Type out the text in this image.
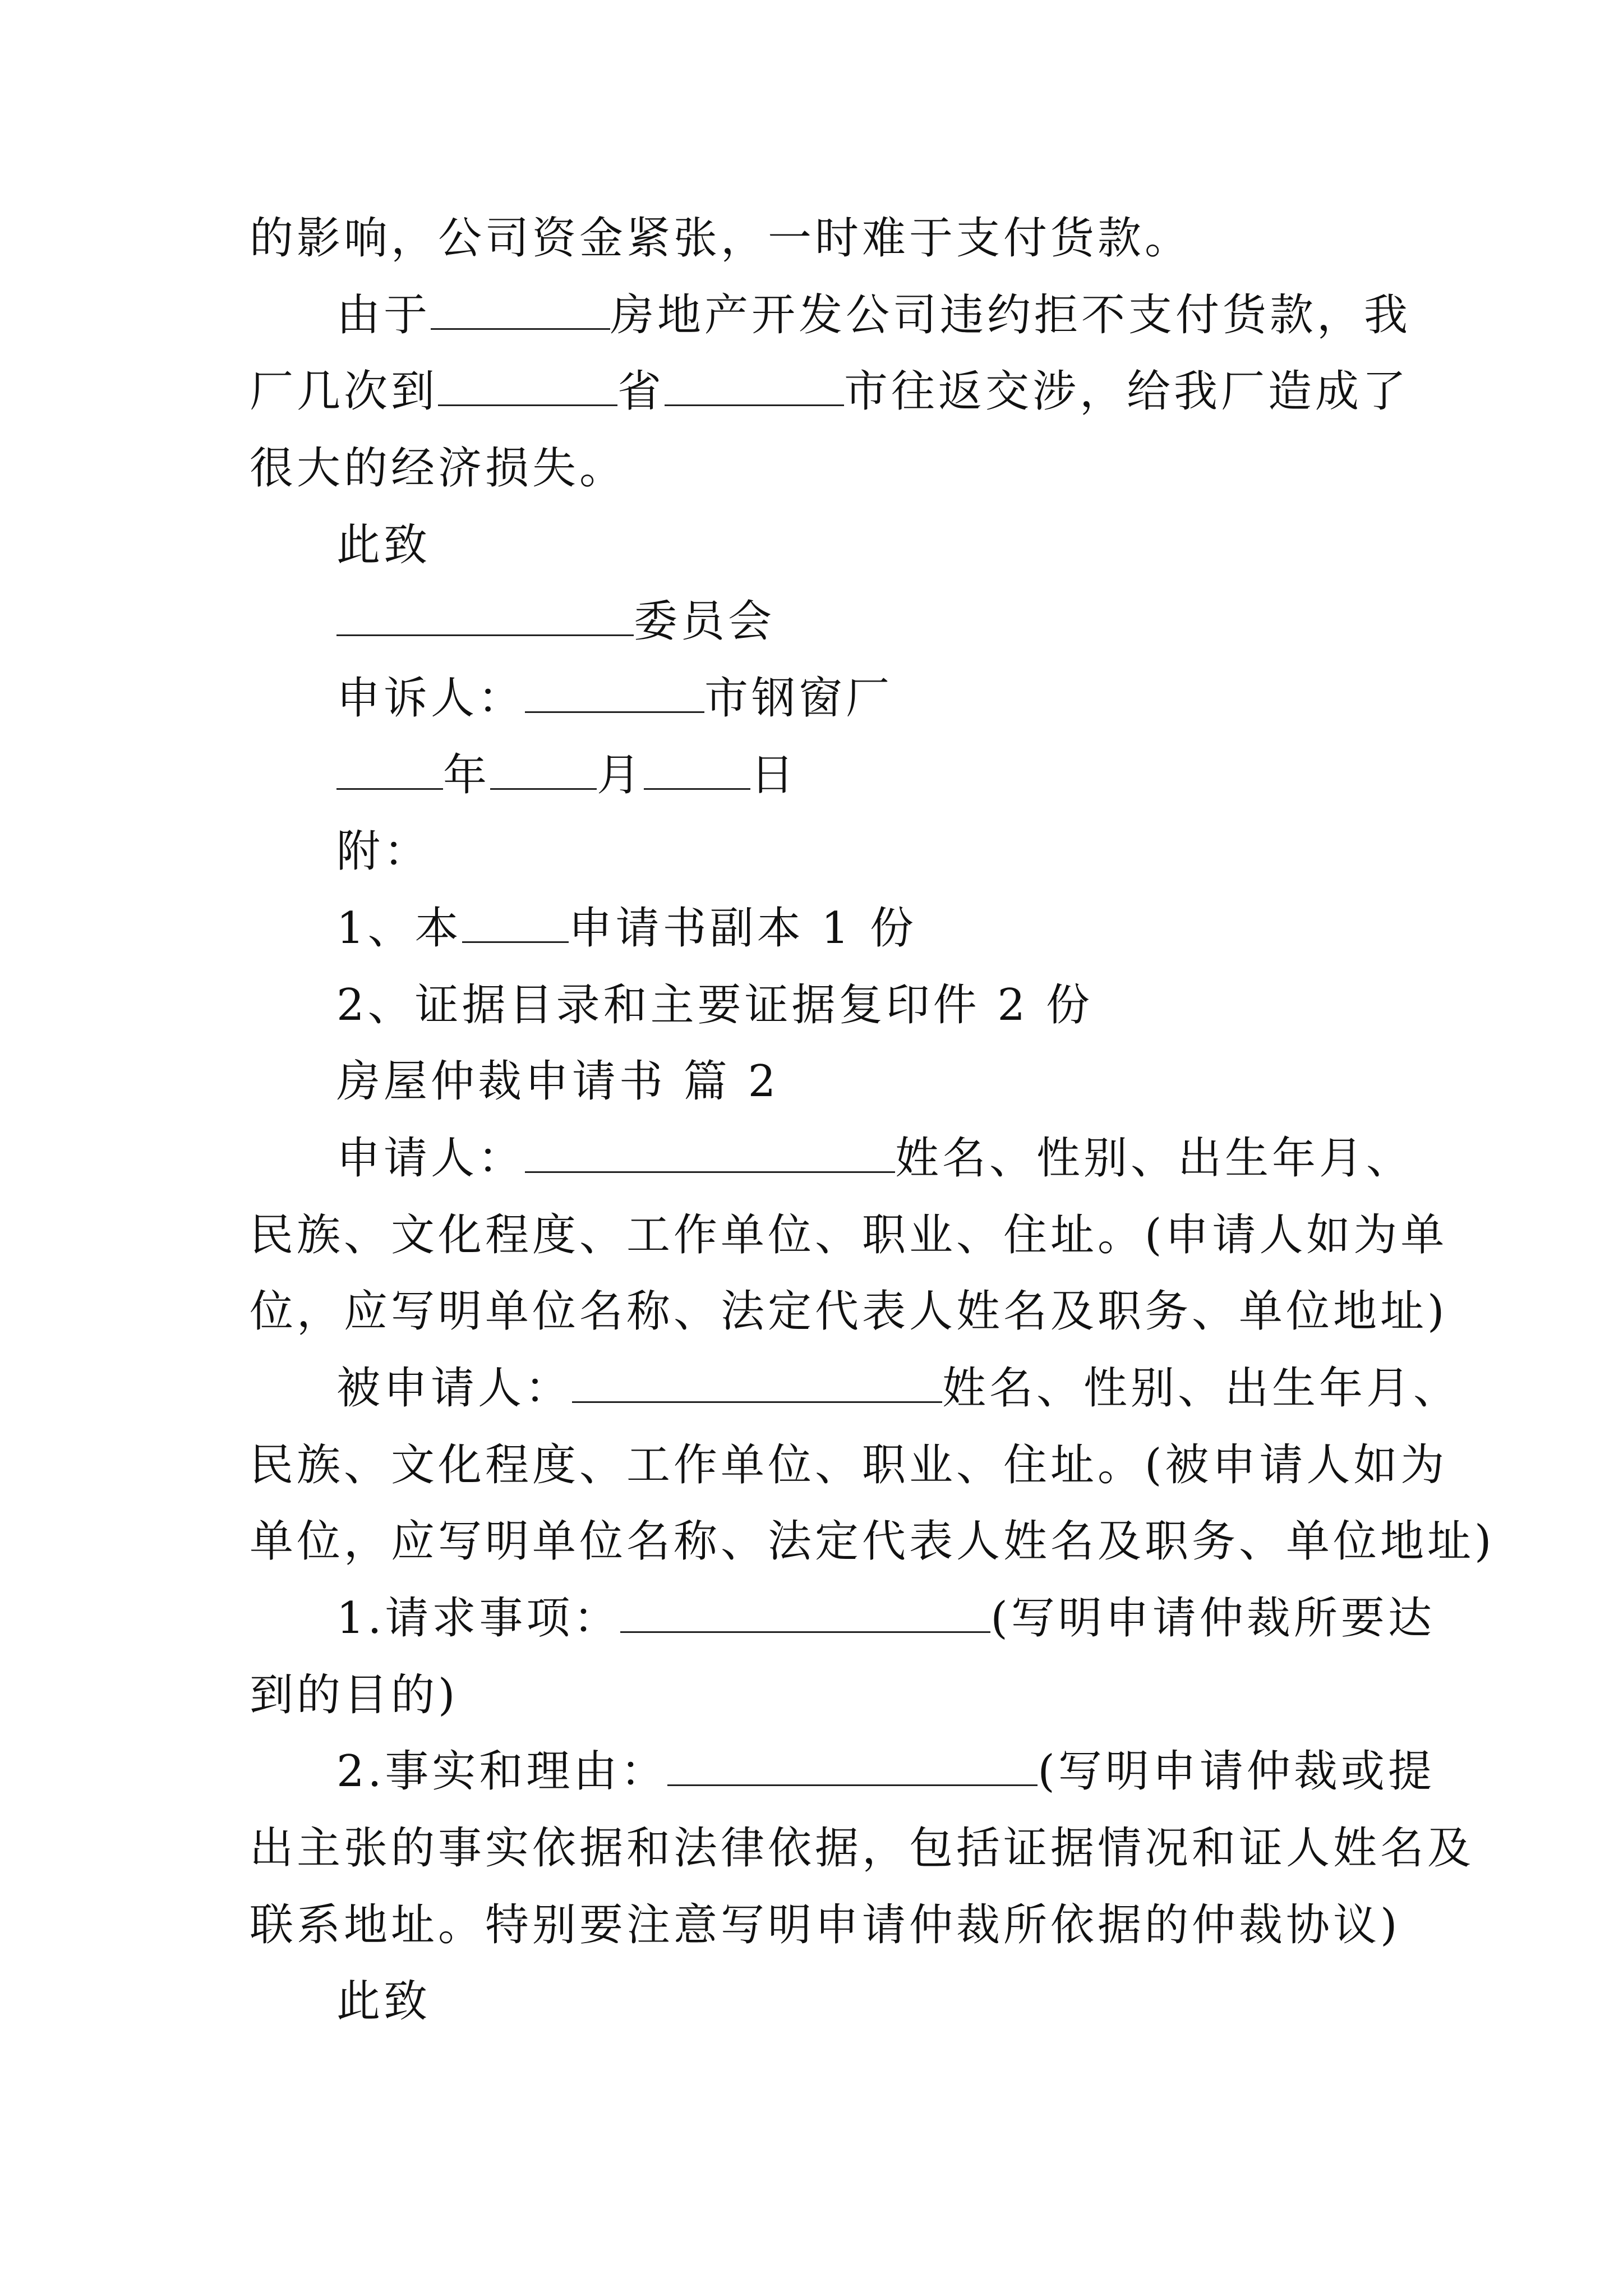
的影响，公司资金紧张，一时难于支付货款。
由于	房地产开发公司违约拒不支付货款，我
厂几次到	省	市往返交涉，给我厂造成了
很大的经济损失。
此致
委员会
申诉人：	市钢窗厂
年 月 日
附：
1、本 申请书副本 1 份
2、证据目录和主要证据复印件 2 份
房屋仲裁申请书 篇 2
申请人：	姓名、性别、出生年月、
民族、文化程度、工作单位、职业、住址。(申请人如为单
位，应写明单位名称、法定代表人姓名及职务、单位地址)
被申请人：	姓名、性别、出生年月、
民族、文化程度、工作单位、职业、住址。(被申请人如为
单位，应写明单位名称、法定代表人姓名及职务、单位地址)
1.请求事项：	(写明申请仲裁所要达
到的目的)
2.事实和理由：	(写明申请仲裁或提
出主张的事实依据和法律依据，包括证据情况和证人姓名及
联系地址。特别要注意写明申请仲裁所依据的仲裁协议)
此致
